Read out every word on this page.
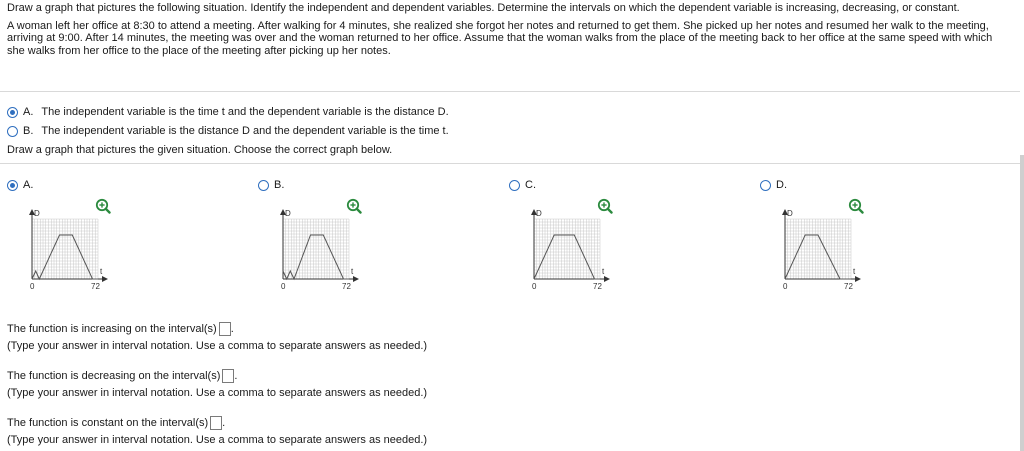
Draw a graph that pictures the following situation. Identify the independent and dependent variables. Determine the intervals on which the dependent variable is increasing, decreasing, or constant.
A woman left her office at 8:30 to attend a meeting. After walking for 4 minutes, she realized she forgot her notes and returned to get them. She picked up her notes and resumed her walk to the meeting, arriving at 9:00. After 14 minutes, the meeting was over and the woman returned to her office. Assume that the woman walks from the place of the meeting back to her office at the same speed with which she walks from her office to the place of the meeting after picking up her notes.
A. The independent variable is the time t and the dependent variable is the distance D.
B. The independent variable is the distance D and the dependent variable is the time t.
Draw a graph that pictures the given situation. Choose the correct graph below.
A.
D
t
0	72
B.
D
t
0	72
C.
D
t
0	72
D.
D
t
0	72
The function is increasing on the interval(s) .
(Type your answer in interval notation. Use a comma to separate answers as needed.)
The function is decreasing on the interval(s) .
(Type your answer in interval notation. Use a comma to separate answers as needed.)
The function is constant on the interval(s) .
(Type your answer in interval notation. Use a comma to separate answers as needed.)
